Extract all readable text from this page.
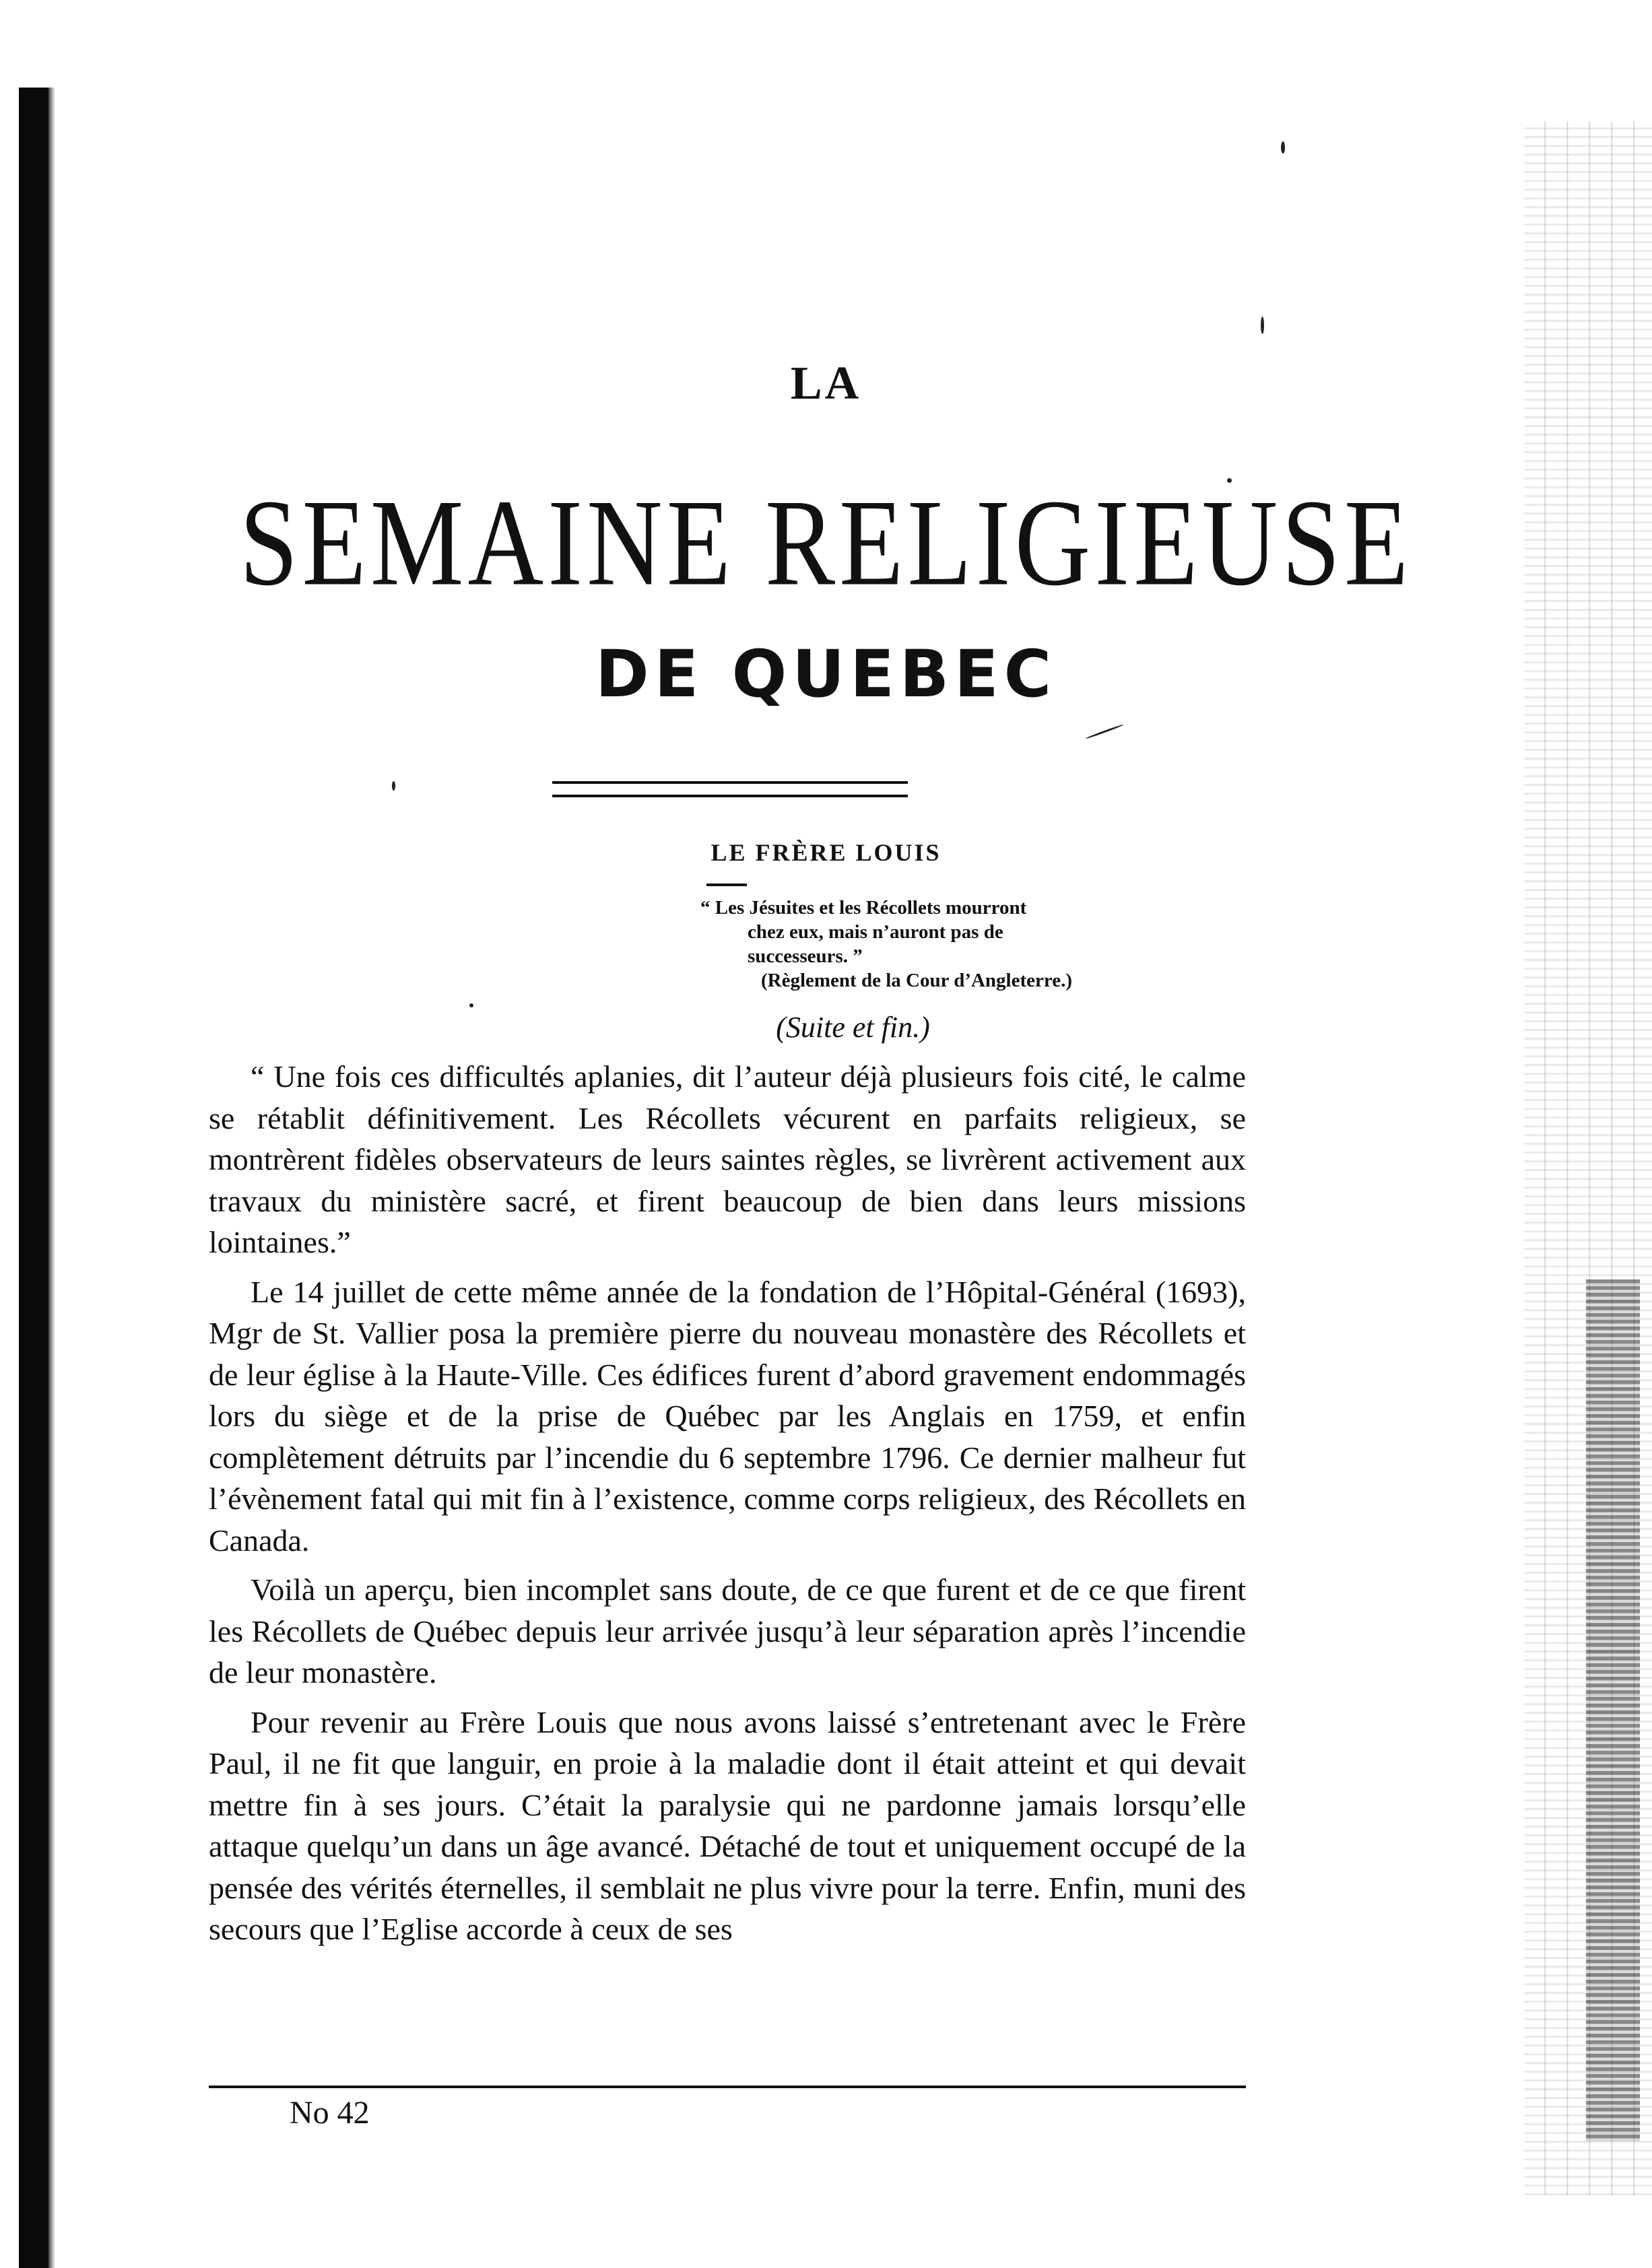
LA
SEMAINE RELIGIEUSE
DE QUEBEC
LE FRÈRE LOUIS
“ Les Jésuites et les Récollets mourront
chez eux, mais n’auront pas de
successeurs. ”
(Règlement de la Cour d’Angleterre.)
(Suite et fin.)

“ Une fois ces difficultés aplanies, dit l’auteur déjà plusieurs fois cité, le calme se rétablit définitivement. Les Récollets vécurent en parfaits religieux, se montrèrent fidèles observateurs de leurs saintes règles, se livrèrent activement aux travaux du ministère sacré, et firent beaucoup de bien dans leurs missions lointaines.”

Le 14 juillet de cette même année de la fondation de l’Hôpital-Général (1693), Mgr de St. Vallier posa la première pierre du nouveau monastère des Récollets et de leur église à la Haute-Ville. Ces édifices furent d’abord gravement endommagés lors du siège et de la prise de Québec par les Anglais en 1759, et enfin complètement détruits par l’incendie du 6 septembre 1796. Ce dernier malheur fut l’évènement fatal qui mit fin à l’existence, comme corps religieux, des Récollets en Canada.

Voilà un aperçu, bien incomplet sans doute, de ce que furent et de ce que firent les Récollets de Québec depuis leur arrivée jusqu’à leur séparation après l’incendie de leur monastère.

Pour revenir au Frère Louis que nous avons laissé s’entretenant avec le Frère Paul, il ne fit que languir, en proie à la maladie dont il était atteint et qui devait mettre fin à ses jours. C’était la paralysie qui ne pardonne jamais lorsqu’elle attaque quelqu’un dans un âge avancé. Détaché de tout et uniquement occupé de la pensée des vérités éternelles, il semblait ne plus vivre pour la terre. Enfin, muni des secours que l’Eglise accorde à ceux de ses

No 42
